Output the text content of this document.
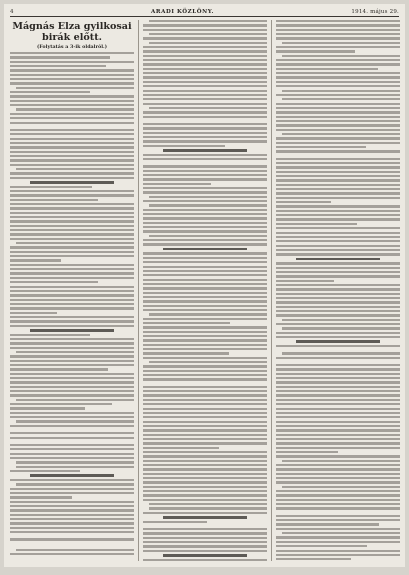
4	ARADI KÖZLÖNY.	1914. május 29.
Mágnás Elza gyilkosai
birák előtt.
(Folytatás a 3-ik oldalról.)
